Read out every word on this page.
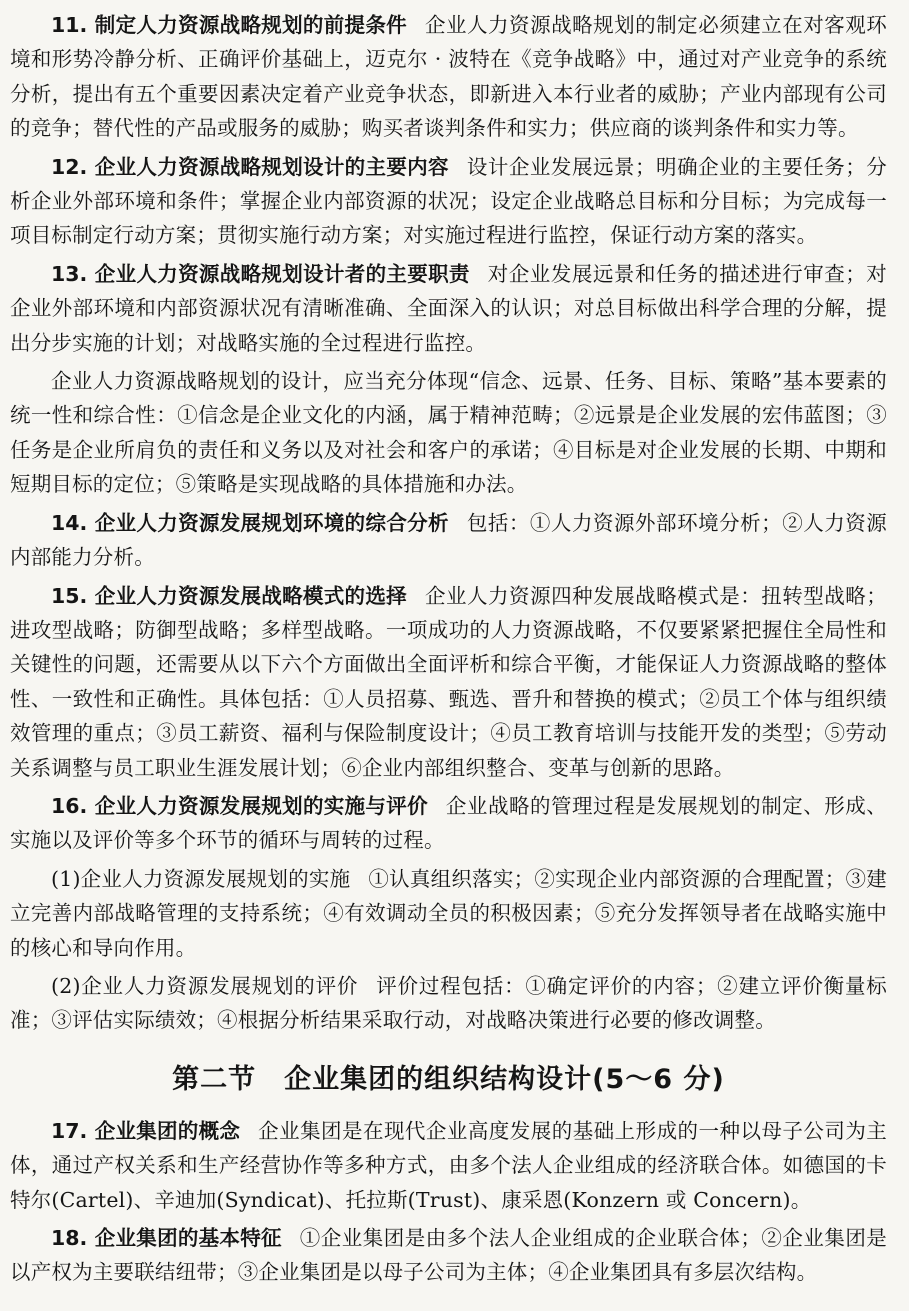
11. 制定人力资源战略规划的前提条件 企业人力资源战略规划的制定必须建立在对客观环境和形势冷静分析、正确评价基础上，迈克尔 · 波特在《竞争战略》中，通过对产业竞争的系统分析，提出有五个重要因素决定着产业竞争状态，即新进入本行业者的威胁；产业内部现有公司的竞争；替代性的产品或服务的威胁；购买者谈判条件和实力；供应商的谈判条件和实力等。

12. 企业人力资源战略规划设计的主要内容 设计企业发展远景；明确企业的主要任务；分析企业外部环境和条件；掌握企业内部资源的状况；设定企业战略总目标和分目标；为完成每一项目标制定行动方案；贯彻实施行动方案；对实施过程进行监控，保证行动方案的落实。

13. 企业人力资源战略规划设计者的主要职责 对企业发展远景和任务的描述进行审查；对企业外部环境和内部资源状况有清晰准确、全面深入的认识；对总目标做出科学合理的分解，提出分步实施的计划；对战略实施的全过程进行监控。

企业人力资源战略规划的设计，应当充分体现“信念、远景、任务、目标、策略”基本要素的统一性和综合性：①信念是企业文化的内涵，属于精神范畴；②远景是企业发展的宏伟蓝图；③任务是企业所肩负的责任和义务以及对社会和客户的承诺；④目标是对企业发展的长期、中期和短期目标的定位；⑤策略是实现战略的具体措施和办法。

14. 企业人力资源发展规划环境的综合分析 包括：①人力资源外部环境分析；②人力资源内部能力分析。

15. 企业人力资源发展战略模式的选择 企业人力资源四种发展战略模式是：扭转型战略；进攻型战略；防御型战略；多样型战略。一项成功的人力资源战略，不仅要紧紧把握住全局性和关键性的问题，还需要从以下六个方面做出全面评析和综合平衡，才能保证人力资源战略的整体性、一致性和正确性。具体包括：①人员招募、甄选、晋升和替换的模式；②员工个体与组织绩效管理的重点；③员工薪资、福利与保险制度设计；④员工教育培训与技能开发的类型；⑤劳动关系调整与员工职业生涯发展计划；⑥企业内部组织整合、变革与创新的思路。

16. 企业人力资源发展规划的实施与评价 企业战略的管理过程是发展规划的制定、形成、实施以及评价等多个环节的循环与周转的过程。

(1)企业人力资源发展规划的实施 ①认真组织落实；②实现企业内部资源的合理配置；③建立完善内部战略管理的支持系统；④有效调动全员的积极因素；⑤充分发挥领导者在战略实施中的核心和导向作用。

(2)企业人力资源发展规划的评价 评价过程包括：①确定评价的内容；②建立评价衡量标准；③评估实际绩效；④根据分析结果采取行动，对战略决策进行必要的修改调整。

第二节　企业集团的组织结构设计(5～6 分)

17. 企业集团的概念 企业集团是在现代企业高度发展的基础上形成的一种以母子公司为主体，通过产权关系和生产经营协作等多种方式，由多个法人企业组成的经济联合体。如德国的卡特尔(Cartel)、辛迪加(Syndicat)、托拉斯(Trust)、康采恩(Konzern 或 Concern)。

18. 企业集团的基本特征 ①企业集团是由多个法人企业组成的企业联合体；②企业集团是以产权为主要联结纽带；③企业集团是以母子公司为主体；④企业集团具有多层次结构。
